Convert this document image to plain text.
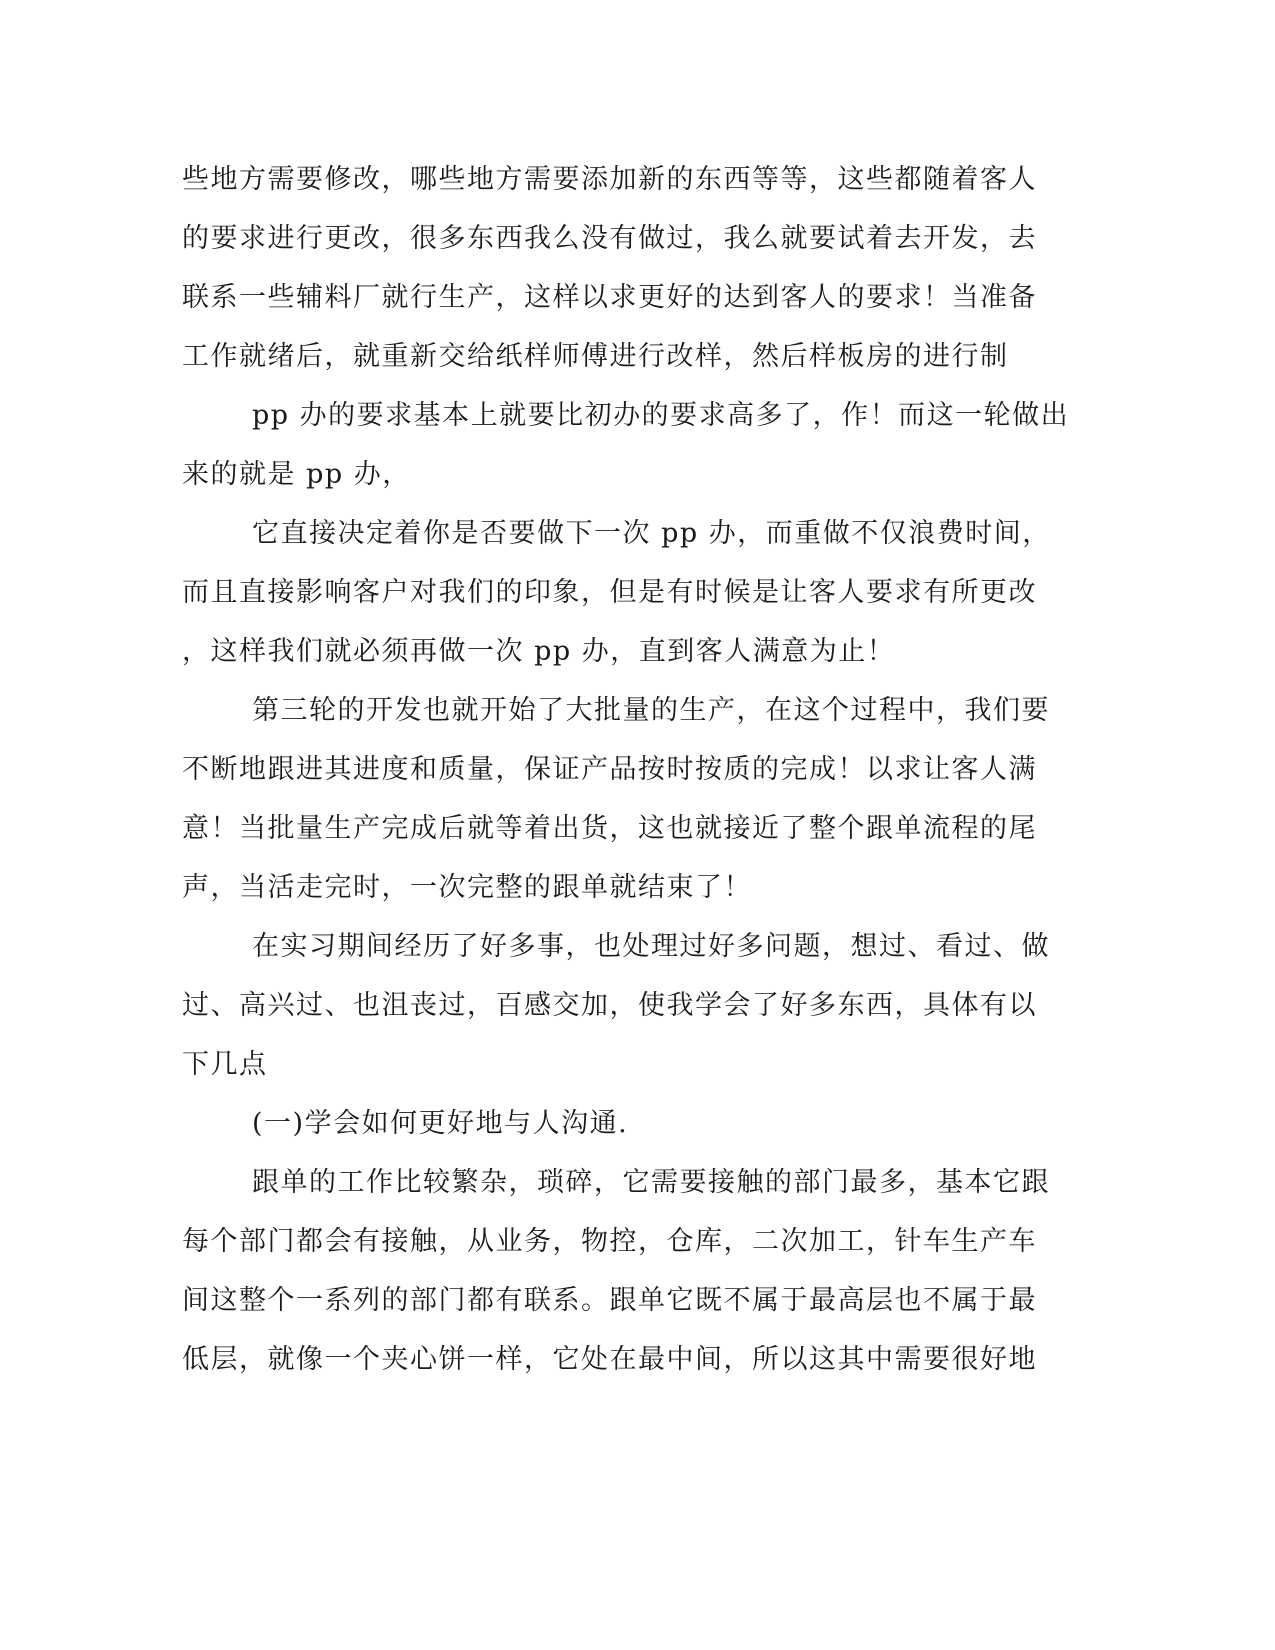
些地方需要修改，哪些地方需要添加新的东西等等，这些都随着客人
的要求进行更改，很多东西我么没有做过，我么就要试着去开发，去
联系一些辅料厂就行生产，这样以求更好的达到客人的要求！当准备
工作就绪后，就重新交给纸样师傅进行改样，然后样板房的进行制
pp 办的要求基本上就要比初办的要求高多了，作！而这一轮做出
来的就是 pp 办，
它直接决定着你是否要做下一次 pp 办，而重做不仅浪费时间，
而且直接影响客户对我们的印象，但是有时候是让客人要求有所更改
，这样我们就必须再做一次 pp 办，直到客人满意为止！
第三轮的开发也就开始了大批量的生产，在这个过程中，我们要
不断地跟进其进度和质量，保证产品按时按质的完成！以求让客人满
意！当批量生产完成后就等着出货，这也就接近了整个跟单流程的尾
声，当活走完时，一次完整的跟单就结束了！
在实习期间经历了好多事，也处理过好多问题，想过、看过、做
过、高兴过、也沮丧过，百感交加，使我学会了好多东西，具体有以
下几点
(一)学会如何更好地与人沟通.
跟单的工作比较繁杂，琐碎，它需要接触的部门最多，基本它跟
每个部门都会有接触，从业务，物控，仓库，二次加工，针车生产车
间这整个一系列的部门都有联系。跟单它既不属于最高层也不属于最
低层，就像一个夹心饼一样，它处在最中间，所以这其中需要很好地
